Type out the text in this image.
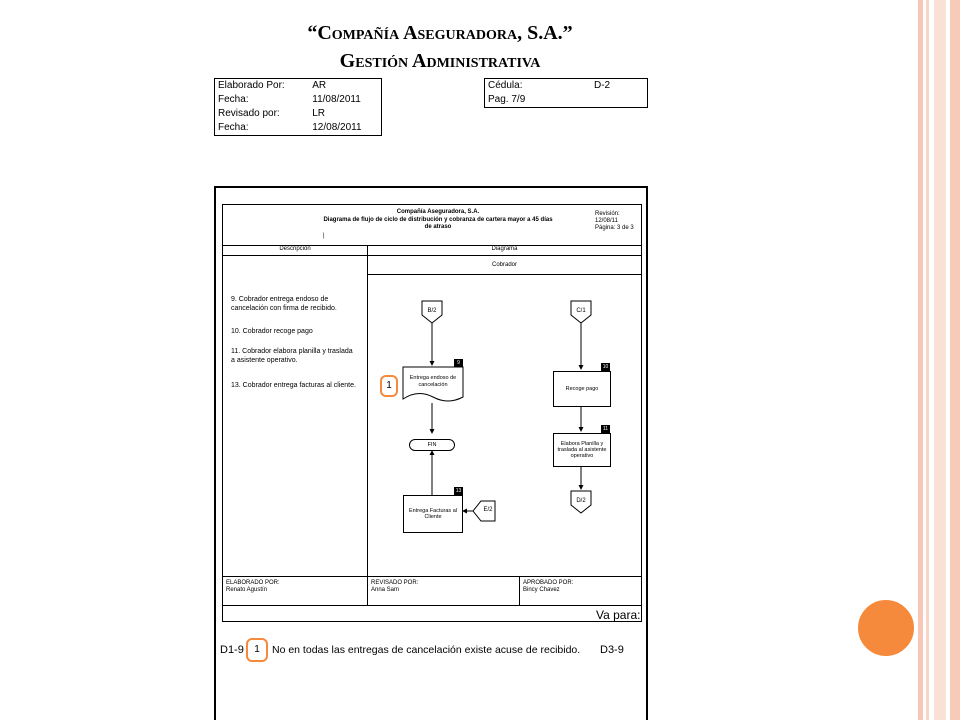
“Compañía Aseguradora, S.A.”
Gestión Administrativa
Elaborado Por:	AR
Fecha:	11/08/2011
Revisado por:	LR
Fecha:	12/08/2011
Cédula:	D-2
Pag. 7/9	
Compañía Aseguradora, S.A.
Diagrama de flujo de ciclo de distribución y cobranza de cartera mayor a 45 días de atraso
Revisión:
12/08/11
Página: 3 de 3
|
Descripción	Diagrama
Cobrador
9. Cobrador entrega endoso de cancelación con firma de recibido.
10. Cobrador recoge pago
11. Cobrador elabora planilla y traslada a asistente operativo.
13. Cobrador entrega facturas al cliente.
B/2	C/1
D/2
E/2
Entrega endoso de cancelación
9
1
FIN
Entrega Facturas al Cliente
13
Recoge pago
10
Elabora Planilla y traslada al asistente operativo
11
ELABORADO POR:
Renato Agustín
REVISADO POR:
Anna Sam
APROBADO POR:
Bincy Chavez
Va para:
D1-9	1	No en todas las entregas de cancelación existe acuse de recibido. D3-9
